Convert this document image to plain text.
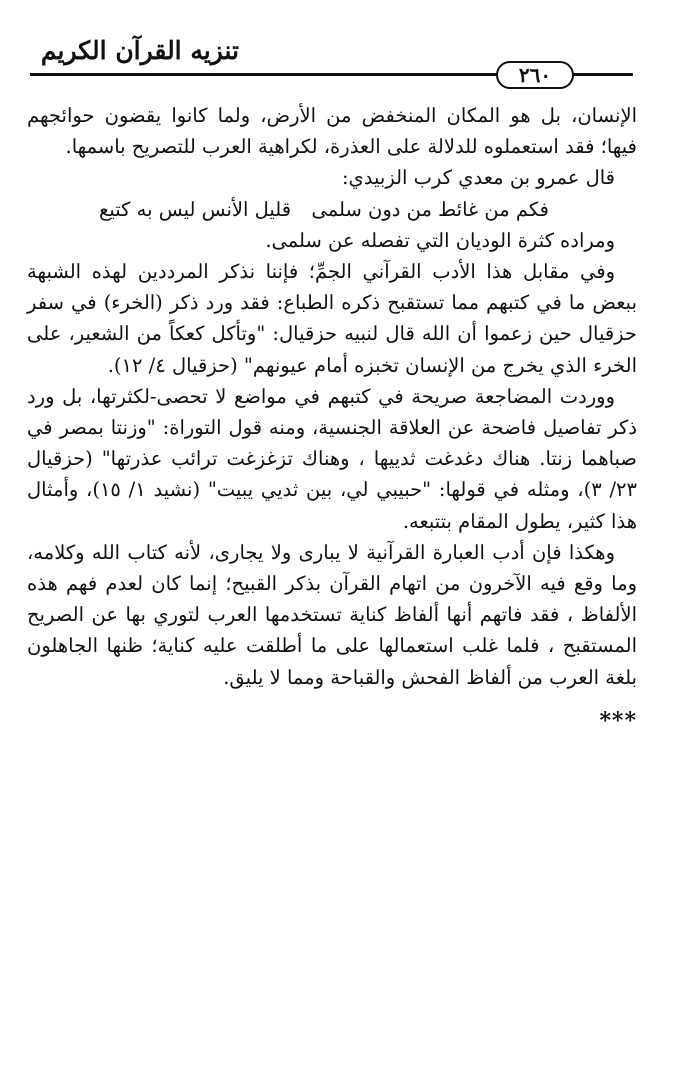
تنزيه القرآن الكريم
٢٦٠

الإنسان، بل هو المكان المنخفض من الأرض، ولما كانوا يقضون حوائجهم فيها؛ فقد استعملوه للدلالة على العذرة، لكراهية العرب للتصريح باسمها.

قال عمرو بن معدي كرب الزبيدي:

فكم من غائط من دون سلمى
قليل الأنس ليس به كتيع

ومراده كثرة الوديان التي تفصله عن سلمى.

وفي مقابل هذا الأدب القرآني الجمِّ؛ فإننا نذكر المرددين لهذه الشبهة ببعض ما في كتبهم مما تستقبح ذكره الطباع: فقد ورد ذكر (الخرء) في سفر حزقيال حين زعموا أن الله قال لنبيه حزقيال: "وتأكل كعكاً من الشعير، على الخرء الذي يخرج من الإنسان تخبزه أمام عيونهم" (حزقيال ٤/ ١٢).

ووردت المضاجعة صريحة في كتبهم في مواضع لا تحصى-لكثرتها، بل ورد ذكر تفاصيل فاضحة عن العلاقة الجنسية، ومنه قول التوراة: "وزنتا بمصر في صباهما زنتا. هناك دغدغت ثدييها ، وهناك تزغزغت ترائب عذرتها" (حزقيال ٢٣/ ٣)، ومثله في قولها: "حبيبي لي، بين ثديي يبيت" (نشيد ١/ ١٥)، وأمثال هذا كثير، يطول المقام بتتبعه.

وهكذا فإن أدب العبارة القرآنية لا يبارى ولا يجارى، لأنه كتاب الله وكلامه، وما وقع فيه الآخرون من اتهام القرآن بذكر القبيح؛ إنما كان لعدم فهم هذه الألفاظ ، فقد فاتهم أنها ألفاظ كناية تستخدمها العرب لتوري بها عن الصريح المستقبح ، فلما غلب استعمالها على ما أطلقت عليه كناية؛ ظنها الجاهلون بلغة العرب من ألفاظ الفحش والقباحة ومما لا يليق.

***
